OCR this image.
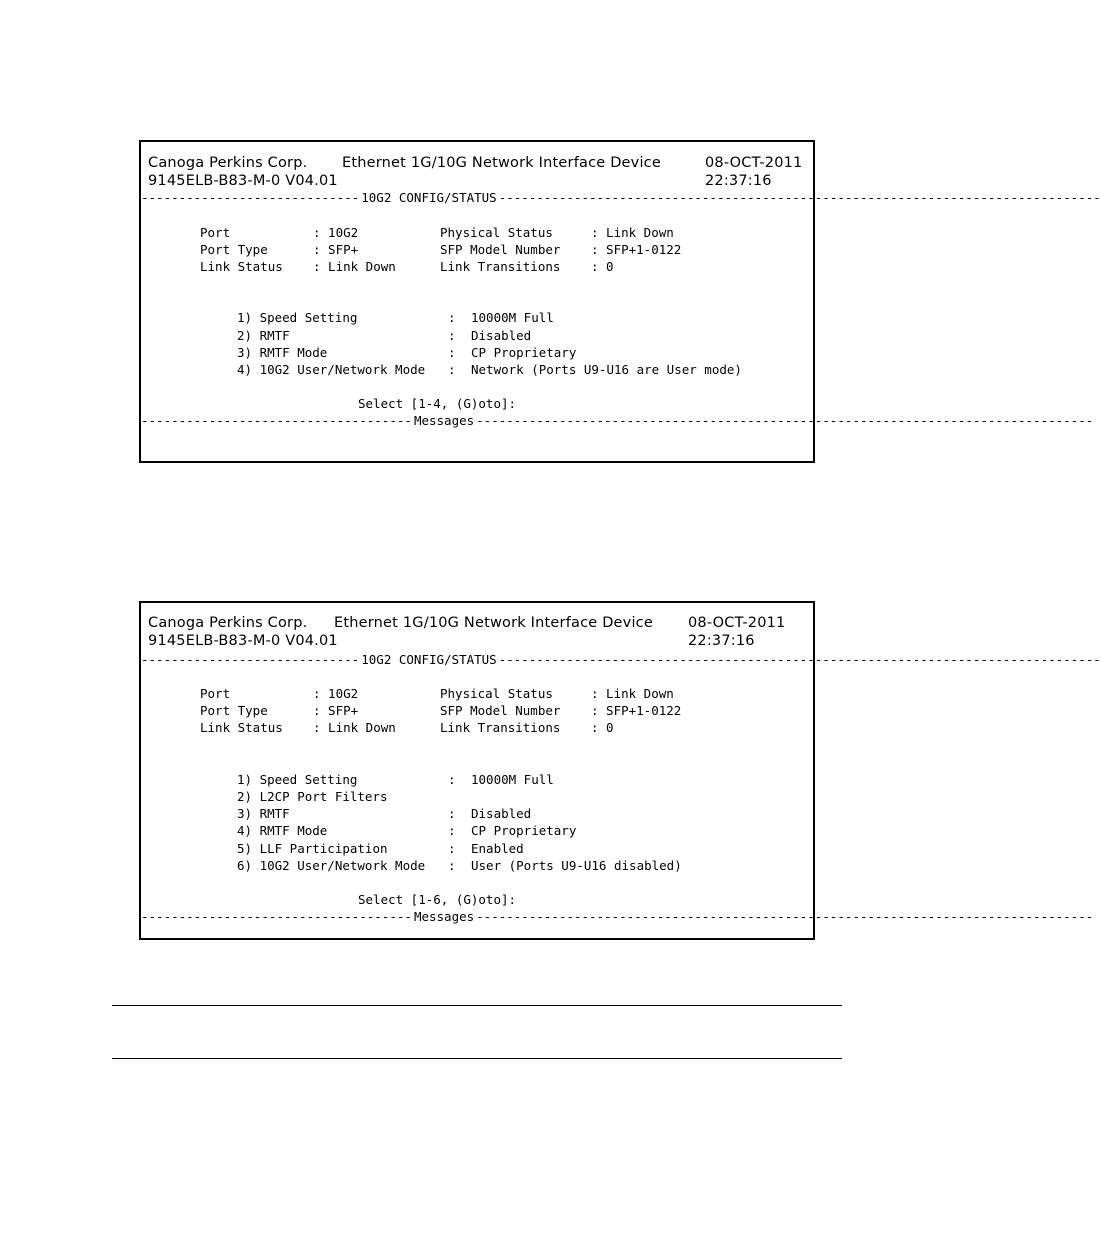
Canoga Perkins Corp. Ethernet 1G/10G Network Interface Device	08-OCT-2011
9145ELB-B83-M-0 V04.01	22:37:16
----------------------------- 10G2 CONFIG/STATUS --------------------------------------------------------------------------------
Port	: 10G2	Physical Status	: Link Down
Port Type	: SFP+	SFP Model Number : SFP+1-0122
Link Status : Link Down	Link Transitions : 0
1) Speed Setting	: 10000M Full
2) RMTF	: Disabled
3) RMTF Mode	: CP Proprietary
4) 10G2 User/Network Mode : Network (Ports U9-U16 are User mode)
Select [1-4, (G)oto]:
------------------------------------ Messages ----------------------------------------------------------------------------------
Canoga Perkins Corp. Ethernet 1G/10G Network Interface Device 08-OCT-2011
9145ELB-B83-M-0 V04.01	22:37:16
----------------------------- 10G2 CONFIG/STATUS --------------------------------------------------------------------------------
Port	: 10G2	Physical Status	: Link Down
Port Type	: SFP+	SFP Model Number : SFP+1-0122
Link Status : Link Down	Link Transitions : 0
1) Speed Setting	: 10000M Full
2) L2CP Port Filters
3) RMTF	: Disabled
4) RMTF Mode	: CP Proprietary
5) LLF Participation	: Enabled
6) 10G2 User/Network Mode : User (Ports U9-U16 disabled)
Select [1-6, (G)oto]:
------------------------------------ Messages ----------------------------------------------------------------------------------
